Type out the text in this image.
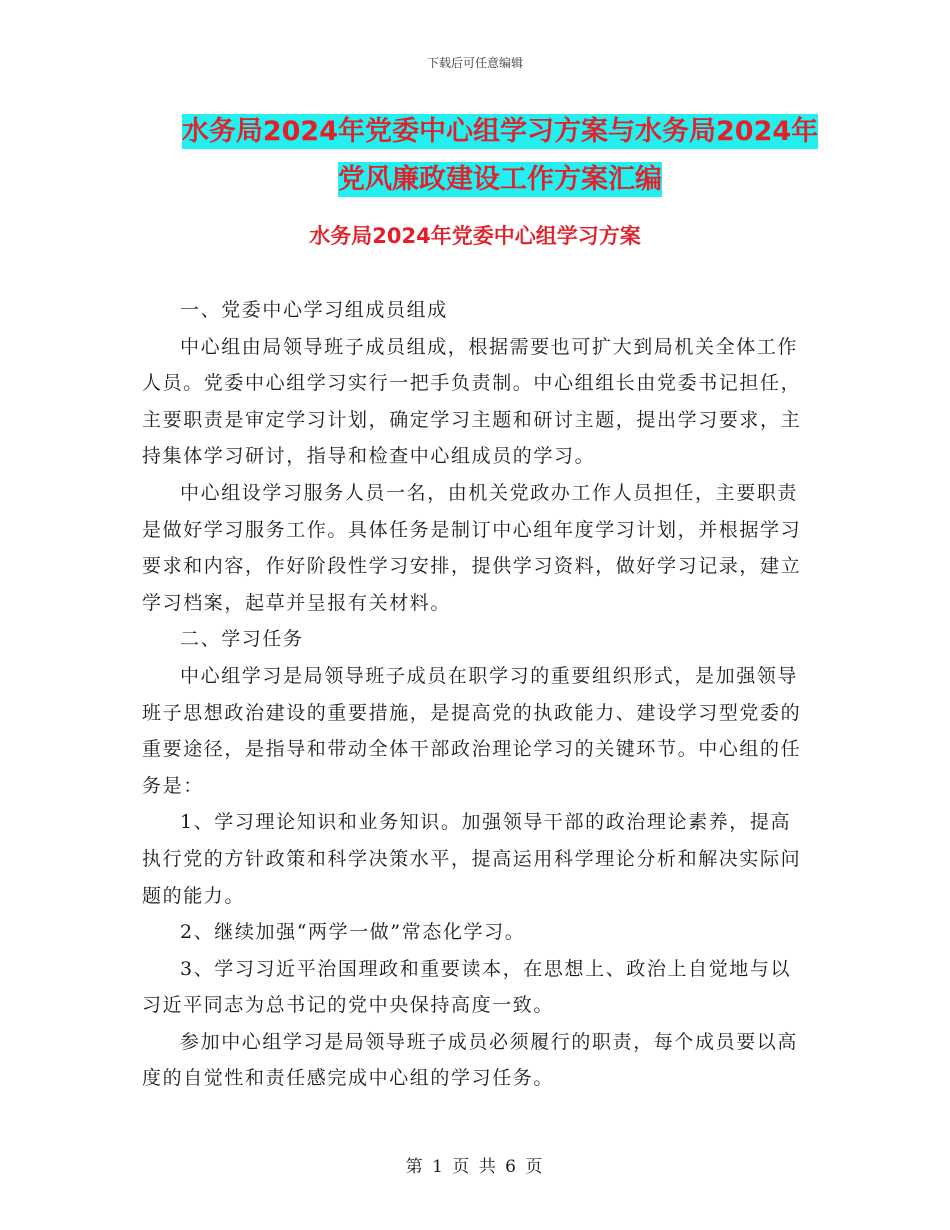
下载后可任意编辑
水务局2024年党委中心组学习方案与水务局2024年
党风廉政建设工作方案汇编
水务局2024年党委中心组学习方案

一、党委中心学习组成员组成

中心组由局领导班子成员组成，根据需要也可扩大到局机关全体工作人员。党委中心组学习实行一把手负责制。中心组组长由党委书记担任，主要职责是审定学习计划，确定学习主题和研讨主题，提出学习要求，主持集体学习研讨，指导和检查中心组成员的学习。

中心组设学习服务人员一名，由机关党政办工作人员担任，主要职责是做好学习服务工作。具体任务是制订中心组年度学习计划，并根据学习要求和内容，作好阶段性学习安排，提供学习资料，做好学习记录，建立学习档案，起草并呈报有关材料。

二、学习任务

中心组学习是局领导班子成员在职学习的重要组织形式，是加强领导班子思想政治建设的重要措施，是提高党的执政能力、建设学习型党委的重要途径，是指导和带动全体干部政治理论学习的关键环节。中心组的任务是：

1、学习理论知识和业务知识。加强领导干部的政治理论素养，提高执行党的方针政策和科学决策水平，提高运用科学理论分析和解决实际问题的能力。

2、继续加强“两学一做”常态化学习。

3、学习习近平治国理政和重要读本，在思想上、政治上自觉地与以习近平同志为总书记的党中央保持高度一致。

参加中心组学习是局领导班子成员必须履行的职责，每个成员要以高度的自觉性和责任感完成中心组的学习任务。

第 1 页 共 6 页
